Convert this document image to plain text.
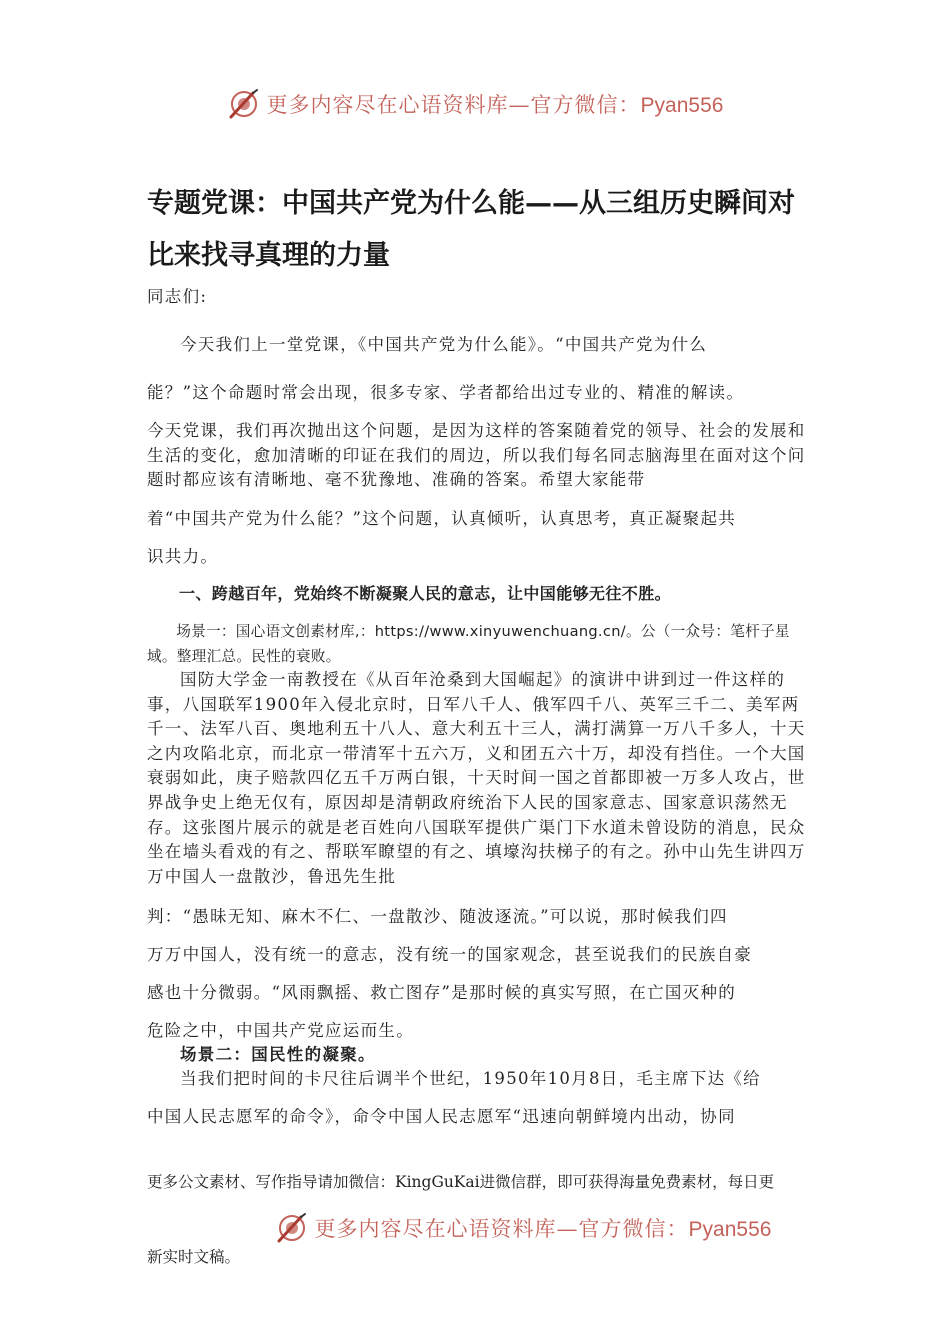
更多内容尽在心语资料库—官方微信：Pyan556
专题党课：中国共产党为什么能——从三组历史瞬间对比来找寻真理的力量

同志们:

今天我们上一堂党课，《中国共产党为什么能》。“中国共产党为什么

能？”这个命题时常会出现，很多专家、学者都给出过专业的、精准的解读。

今天党课，我们再次抛出这个问题，是因为这样的答案随着党的领导、社会的发展和生活的变化，愈加清晰的印证在我们的周边，所以我们每名同志脑海里在面对这个问题时都应该有清晰地、毫不犹豫地、准确的答案。希望大家能带

着“中国共产党为什么能？”这个问题，认真倾听，认真思考，真正凝聚起共

识共力。

一、跨越百年，党始终不断凝聚人民的意志，让中国能够无往不胜。

场景一：国心语文创素材库,：https://www.xinyuwenchuang.cn/。公（一众号：笔杆子星域。整理汇总。民性的衰败。

国防大学金一南教授在《从百年沧桑到大国崛起》的演讲中讲到过一件这样的事，八国联军1900年入侵北京时，日军八千人、俄军四千八、英军三千二、美军两千一、法军八百、奥地利五十八人、意大利五十三人，满打满算一万八千多人，十天之内攻陷北京，而北京一带清军十五六万，义和团五六十万，却没有挡住。一个大国衰弱如此，庚子赔款四亿五千万两白银，十天时间一国之首都即被一万多人攻占，世界战争史上绝无仅有，原因却是清朝政府统治下人民的国家意志、国家意识荡然无存。这张图片展示的就是老百姓向八国联军提供广渠门下水道未曾设防的消息，民众坐在墙头看戏的有之、帮联军瞭望的有之、填壕沟扶梯子的有之。孙中山先生讲四万万中国人一盘散沙，鲁迅先生批

判：“愚昧无知、麻木不仁、一盘散沙、随波逐流。”可以说，那时候我们四

万万中国人，没有统一的意志，没有统一的国家观念，甚至说我们的民族自豪

感也十分微弱。“风雨飘摇、救亡图存”是那时候的真实写照，在亡国灭种的

危险之中，中国共产党应运而生。

场景二：国民性的凝聚。

当我们把时间的卡尺往后调半个世纪，1950年10月8日，毛主席下达《给

中国人民志愿军的命令》，命令中国人民志愿军“迅速向朝鲜境内出动，协同

更多公文素材、写作指导请加微信：KingGuKai进微信群，即可获得海量免费素材，每日更

更多内容尽在心语资料库—官方微信：Pyan556

新实时文稿。
